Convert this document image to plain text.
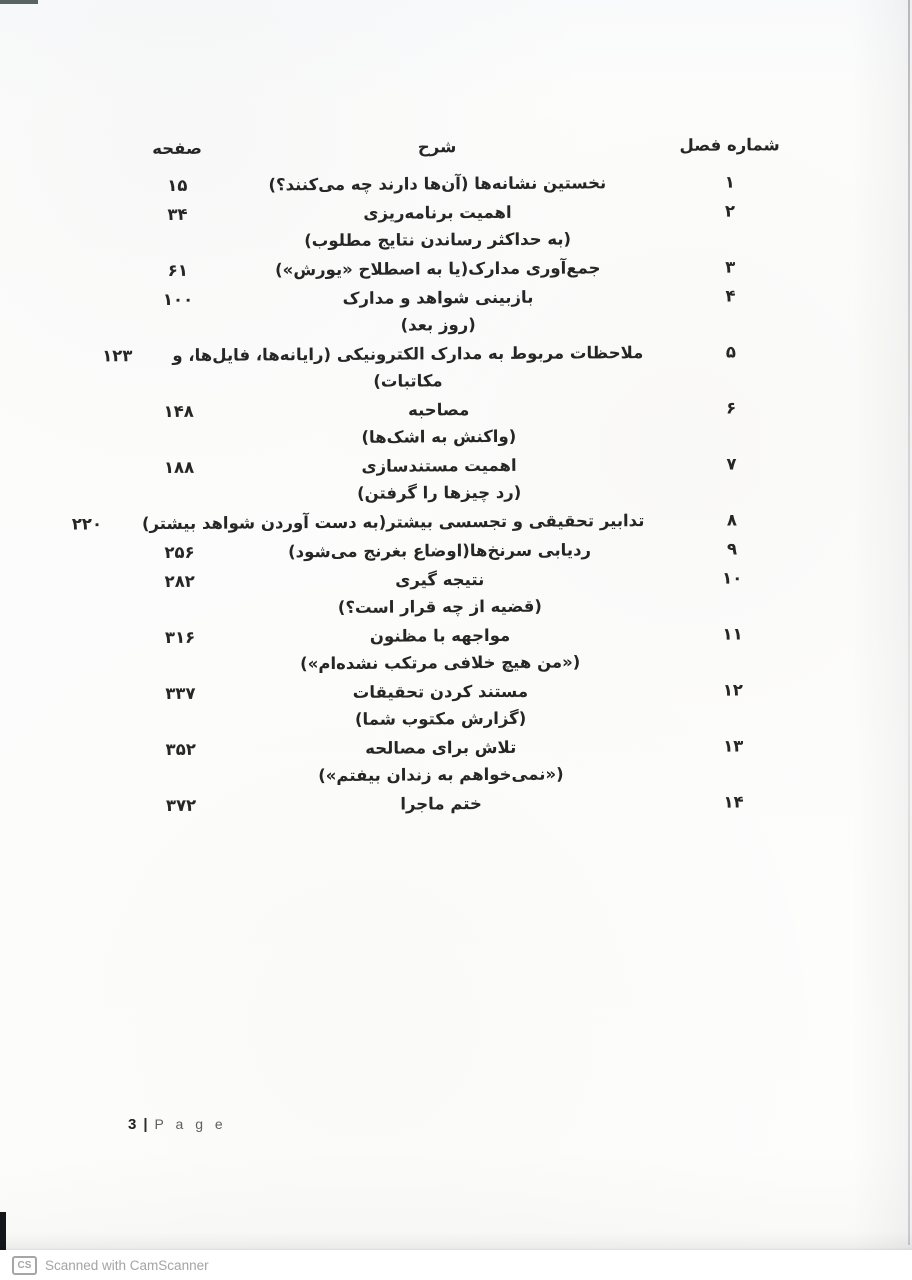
شماره فصل
شرح
صفحه
۱
نخستین نشانه‌ها (آن‌ها دارند چه می‌کنند؟)
۱۵
۲
اهمیت برنامه‌ریزی
(به حداکثر رساندن نتایج مطلوب)
۳۴
۳
جمع‌آوری مدارک(یا به اصطلاح «یورش»)
۶۱
۴
بازبینی شواهد و مدارک
(روز بعد)
۱۰۰
۵
ملاحظات مربوط به مدارک الکترونیکی (رایانه‌ها، فایل‌ها، و
مکاتبات)
۱۲۳
۶
مصاحبه
(واکنش به اشک‌ها)
۱۴۸
۷
اهمیت مستندسازی
(رد چیزها را گرفتن)
۱۸۸
۸
تدابیر تحقیقی و تجسسی بیشتر(به دست آوردن شواهد بیشتر)
۲۲۰
۹
ردیابی سرنخ‌ها(اوضاع بغرنج می‌شود)
۲۵۶
۱۰
نتیجه گیری
(قضیه از چه قرار است؟)
۲۸۲
۱۱
مواجهه با مظنون
(«من هیچ خلافی مرتکب نشده‌ام»)
۳۱۶
۱۲
مستند کردن تحقیقات
(گزارش مکتوب شما)
۳۳۷
۱۳
تلاش برای مصالحه
(«نمی‌خواهم به زندان بیفتم»)
۳۵۲
۱۴
ختم ماجرا
۳۷۲
3 | P a g e
CS	Scanned with CamScanner
